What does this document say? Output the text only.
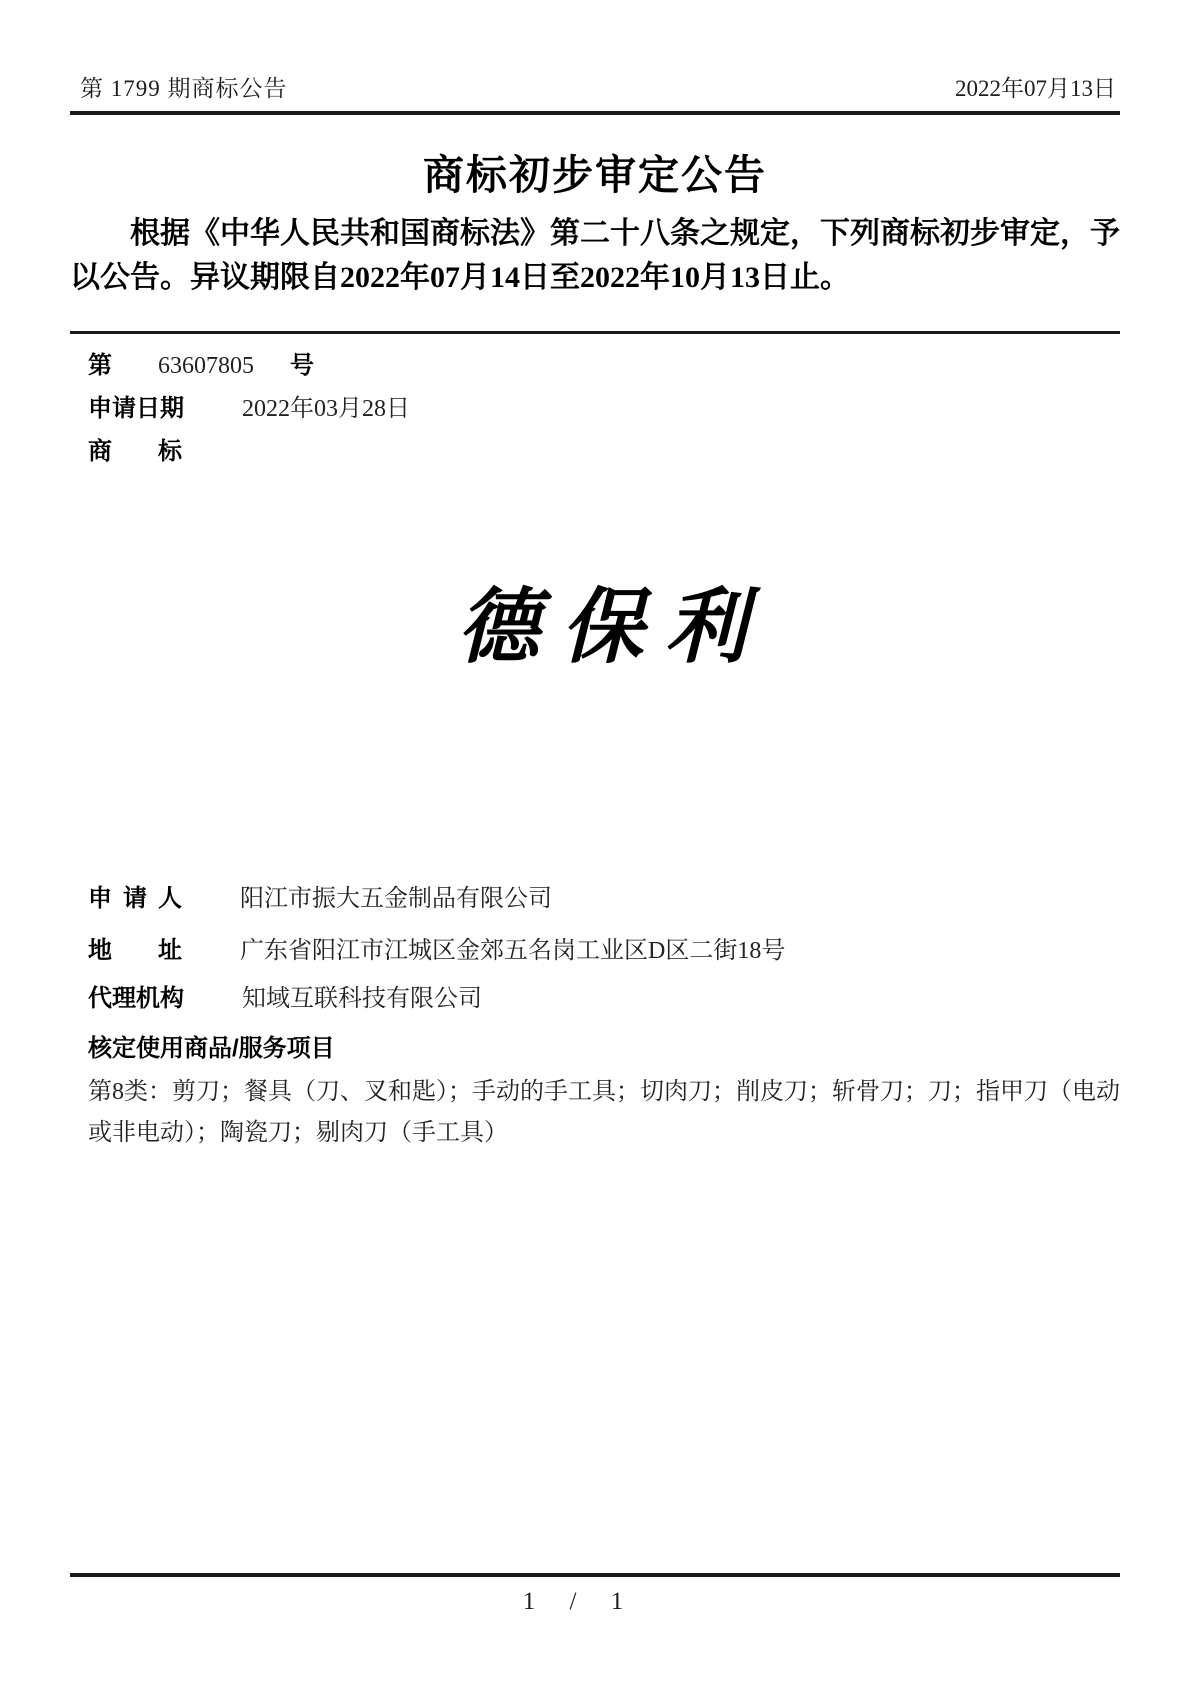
第 1799 期商标公告	2022年07月13日
商标初步审定公告
根据《中华人民共和国商标法》第二十八条之规定，下列商标初步审定，予以公告。异议期限自2022年07月14日至2022年10月13日止。
第 63607805 号
申请日期 2022年03月28日
商标
德保利
申请人 阳江市振大五金制品有限公司
地址 广东省阳江市江城区金郊五名岗工业区D区二街18号
代理机构 知域互联科技有限公司
核定使用商品/服务项目
第8类：剪刀；餐具（刀、叉和匙）；手动的手工具；切肉刀；削皮刀；斩骨刀；刀；指甲刀（电动或非电动）；陶瓷刀；剔肉刀（手工具）
1 / 1
